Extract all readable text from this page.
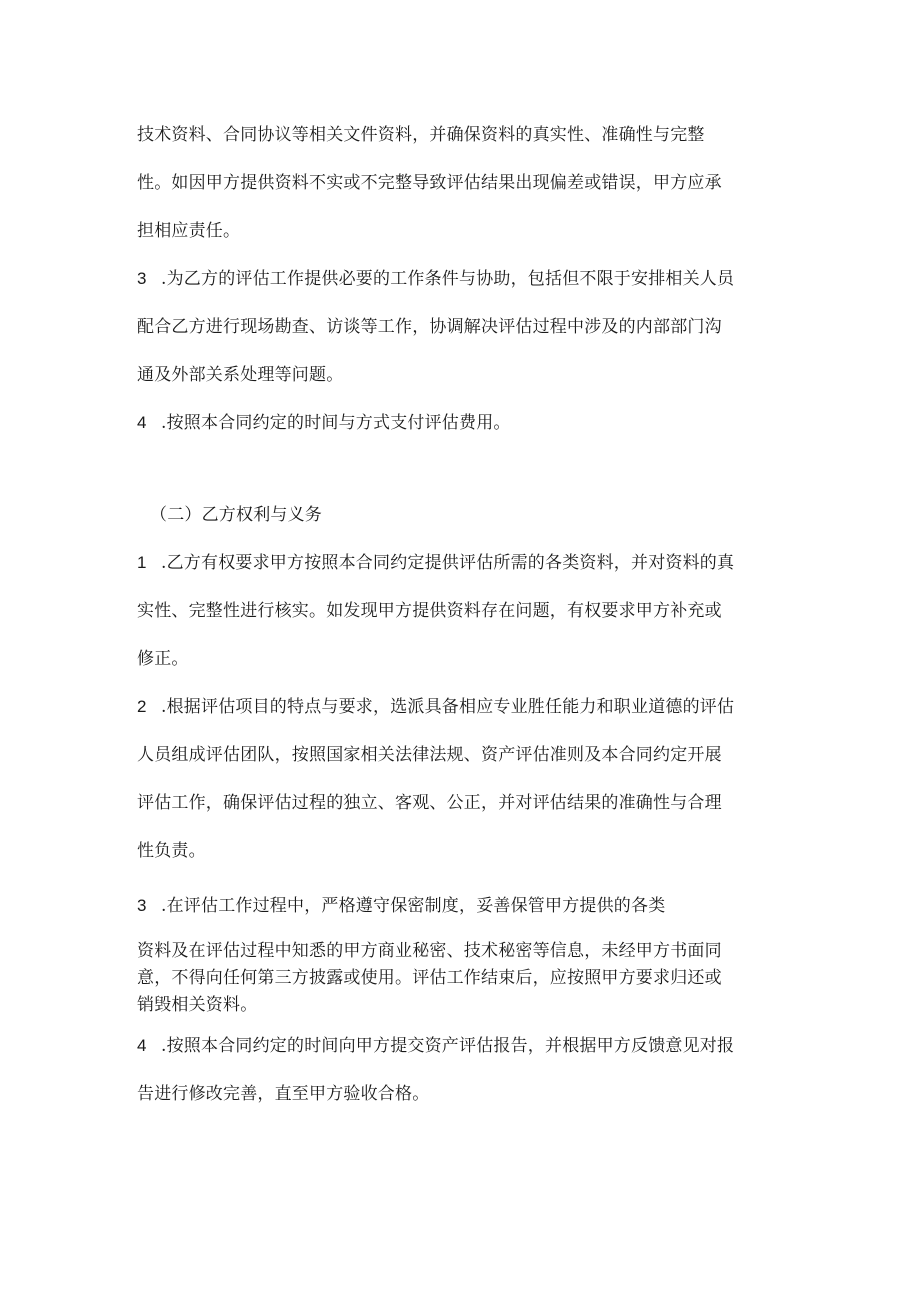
技术资料、合同协议等相关文件资料，并确保资料的真实性、准确性与完整
性。如因甲方提供资料不实或不完整导致评估结果出现偏差或错误，甲方应承
担相应责任。
3 .为乙方的评估工作提供必要的工作条件与协助，包括但不限于安排相关人员
配合乙方进行现场勘查、访谈等工作，协调解决评估过程中涉及的内部部门沟
通及外部关系处理等问题。
4 .按照本合同约定的时间与方式支付评估费用。
（二）乙方权利与义务
1 .乙方有权要求甲方按照本合同约定提供评估所需的各类资料，并对资料的真
实性、完整性进行核实。如发现甲方提供资料存在问题，有权要求甲方补充或
修正。
2 .根据评估项目的特点与要求，选派具备相应专业胜任能力和职业道德的评估
人员组成评估团队，按照国家相关法律法规、资产评估准则及本合同约定开展
评估工作，确保评估过程的独立、客观、公正，并对评估结果的准确性与合理
性负责。
3 .在评估工作过程中，严格遵守保密制度，妥善保管甲方提供的各类
资料及在评估过程中知悉的甲方商业秘密、技术秘密等信息，未经甲方书面同
意，不得向任何第三方披露或使用。评估工作结束后，应按照甲方要求归还或
销毁相关资料。
4 .按照本合同约定的时间向甲方提交资产评估报告，并根据甲方反馈意见对报
告进行修改完善，直至甲方验收合格。
